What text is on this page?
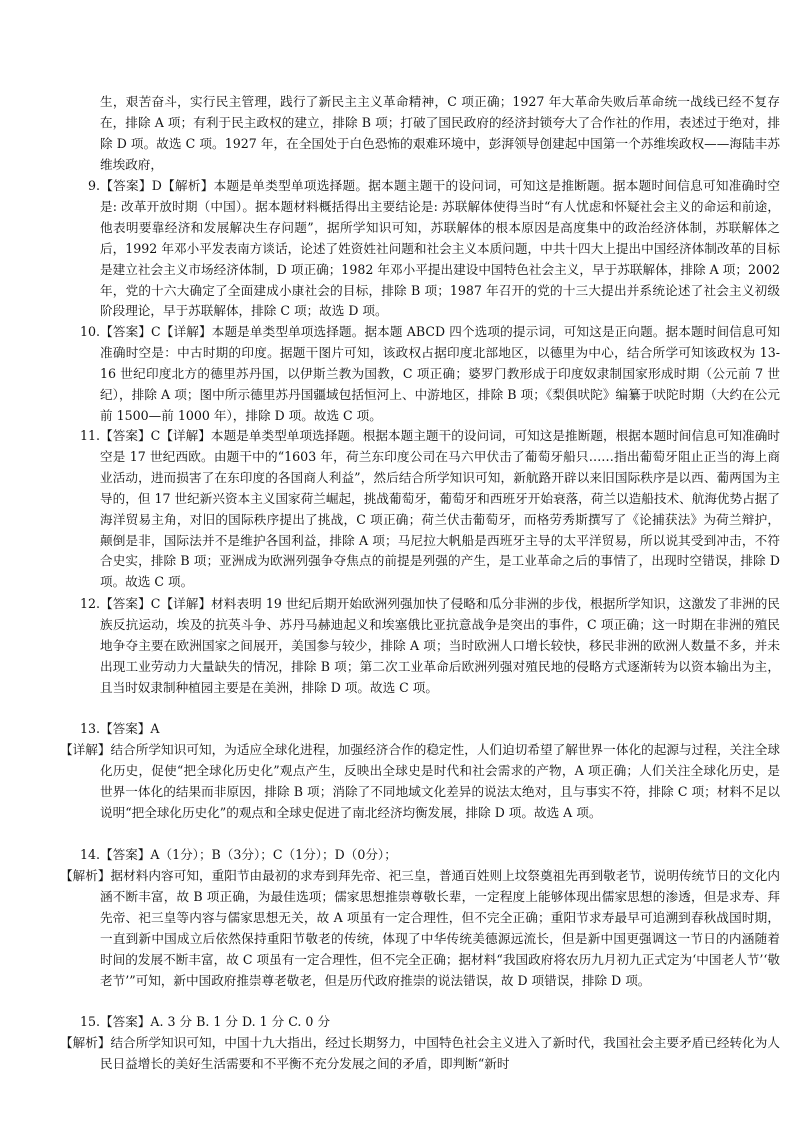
生，艰苦奋斗，实行民主管理，践行了新民主主义革命精神，C 项正确；1927 年大革命失败后革命统一战线已经不复存在，排除 A 项；有利于民主政权的建立，排除 B 项；打破了国民政府的经济封锁夸大了合作社的作用，表述过于绝对，排除 D 项。故选 C 项。1927 年，在全国处于白色恐怖的艰难环境中，彭湃领导创建起中国第一个苏维埃政权——海陆丰苏维埃政府，

9.【答案】D【解析】本题是单类型单项选择题。据本题主题干的设问词，可知这是推断题。据本题时间信息可知准确时空是: 改革开放时期（中国）。据本题材料概括得出主要结论是: 苏联解体使得当时“有人忧虑和怀疑社会主义的命运和前途，他表明要靠经济和发展解决生存问题”，据所学知识可知，苏联解体的根本原因是高度集中的政治经济体制，苏联解体之后，1992 年邓小平发表南方谈话，论述了姓资姓社问题和社会主义本质问题，中共十四大上提出中国经济体制改革的目标是建立社会主义市场经济体制，D 项正确；1982 年邓小平提出建设中国特色社会主义，早于苏联解体，排除 A 项；2002 年，党的十六大确定了全面建成小康社会的目标，排除 B 项；1987 年召开的党的十三大提出并系统论述了社会主义初级阶段理论，早于苏联解体，排除 C 项；故选 D 项。

10.【答案】C【详解】本题是单类型单项选择题。据本题 ABCD 四个选项的提示词，可知这是正向题。据本题时间信息可知准确时空是：中古时期的印度。据题干图片可知，该政权占据印度北部地区，以德里为中心，结合所学可知该政权为 13-16 世纪印度北方的德里苏丹国，以伊斯兰教为国教，C 项正确；婆罗门教形成于印度奴隶制国家形成时期（公元前 7 世纪），排除 A 项；图中所示德里苏丹国疆域包括恒河上、中游地区，排除 B 项；《梨俱吠陀》编纂于吠陀时期（大约在公元前 1500—前 1000 年），排除 D 项。故选 C 项。

11.【答案】C【详解】本题是单类型单项选择题。根据本题主题干的设问词，可知这是推断题，根据本题时间信息可知准确时空是 17 世纪西欧。由题干中的“1603 年，荷兰东印度公司在马六甲伏击了葡萄牙船只……指出葡萄牙阻止正当的海上商业活动，进而损害了在东印度的各国商人利益”，然后结合所学知识可知，新航路开辟以来旧国际秩序是以西、葡两国为主导的，但 17 世纪新兴资本主义国家荷兰崛起，挑战葡萄牙，葡萄牙和西班牙开始衰落，荷兰以造船技术、航海优势占据了海洋贸易主角，对旧的国际秩序提出了挑战，C 项正确；荷兰伏击葡萄牙，而格劳秀斯撰写了《论捕获法》为荷兰辩护，颠倒是非，国际法并不是维护各国利益，排除 A 项；马尼拉大帆船是西班牙主导的太平洋贸易，所以说其受到冲击，不符合史实，排除 B 项；亚洲成为欧洲列强争夺焦点的前提是列强的产生，是工业革命之后的事情了，出现时空错误，排除 D 项。故选 C 项。

12.【答案】C【详解】材料表明 19 世纪后期开始欧洲列强加快了侵略和瓜分非洲的步伐，根据所学知识，这激发了非洲的民族反抗运动，埃及的抗英斗争、苏丹马赫迪起义和埃塞俄比亚抗意战争是突出的事件，C 项正确；这一时期在非洲的殖民地争夺主要在欧洲国家之间展开，美国参与较少，排除 A 项；当时欧洲人口增长较快，移民非洲的欧洲人数量不多，并未出现工业劳动力大量缺失的情况，排除 B 项；第二次工业革命后欧洲列强对殖民地的侵略方式逐渐转为以资本输出为主，且当时奴隶制种植园主要是在美洲，排除 D 项。故选 C 项。

13.【答案】A

【详解】结合所学知识可知，为适应全球化进程，加强经济合作的稳定性，人们迫切希望了解世界一体化的起源与过程，关注全球化历史，促使“把全球化历史化”观点产生，反映出全球史是时代和社会需求的产物，A 项正确；人们关注全球化历史，是世界一体化的结果而非原因，排除 B 项；消除了不同地域文化差异的说法太绝对，且与事实不符，排除 C 项；材料不足以说明“把全球化历史化”的观点和全球史促进了南北经济均衡发展，排除 D 项。故选 A 项。

14.【答案】A（1分）；B（3分）；C（1分）；D（0分）；

【解析】据材料内容可知，重阳节由最初的求寿到拜先帝、祀三皇，普通百姓则上坟祭奠祖先再到敬老节，说明传统节日的文化内涵不断丰富，故 B 项正确，为最佳选项；儒家思想推崇尊敬长辈，一定程度上能够体现出儒家思想的渗透，但是求寿、拜先帝、祀三皇等内容与儒家思想无关，故 A 项虽有一定合理性，但不完全正确；重阳节求寿最早可追溯到春秋战国时期，一直到新中国成立后依然保持重阳节敬老的传统，体现了中华传统美德源远流长，但是新中国更强调这一节日的内涵随着时间的发展不断丰富，故 C 项虽有一定合理性，但不完全正确；据材料“我国政府将农历九月初九正式定为‘中国老人节’‘敬老节’”可知，新中国政府推崇尊老敬老，但是历代政府推崇的说法错误，故 D 项错误，排除 D 项。

15.【答案】A. 3 分 B. 1 分 D. 1 分 C. 0 分

【解析】结合所学知识可知，中国十九大指出，经过长期努力，中国特色社会主义进入了新时代，我国社会主要矛盾已经转化为人民日益增长的美好生活需要和不平衡不充分发展之间的矛盾，即判断“新时
